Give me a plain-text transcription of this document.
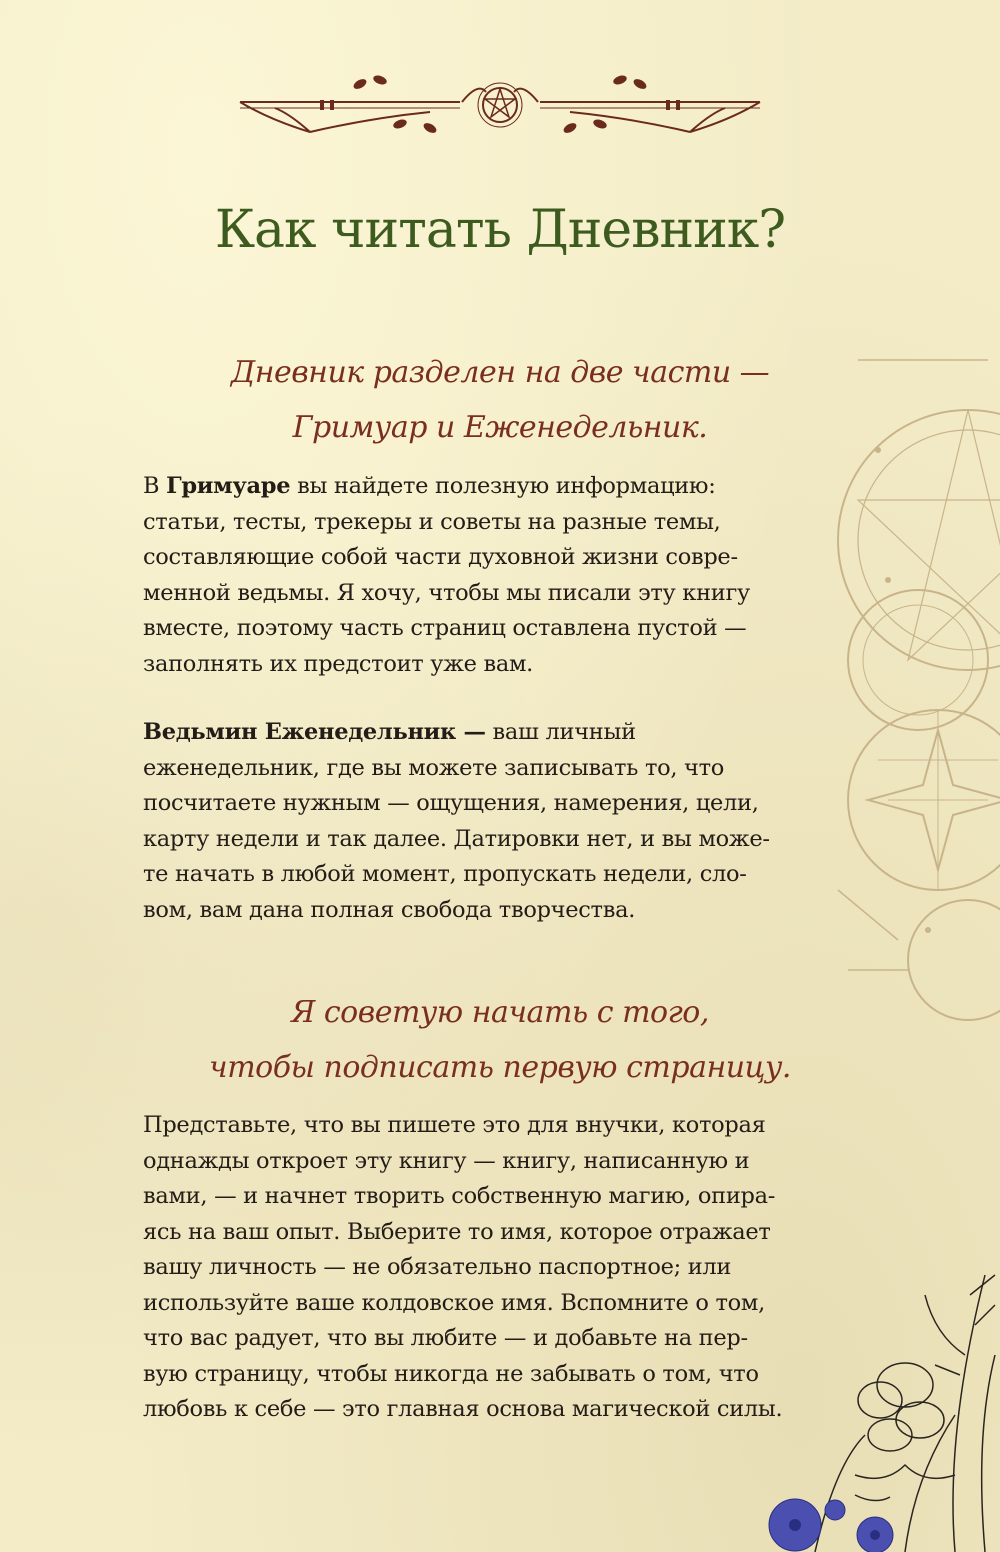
Как читать Дневник?
Дневник разделен на две части —
Гримуар и Еженедельник.
В Гримуаре вы найдете полезную информацию:
статьи, тесты, трекеры и советы на разные темы,
составляющие собой части духовной жизни совре-
менной ведьмы. Я хочу, чтобы мы писали эту книгу
вместе, поэтому часть страниц оставлена пустой —
заполнять их предстоит уже вам.
Ведьмин Еженедельник — ваш личный
еженедельник, где вы можете записывать то, что
посчитаете нужным — ощущения, намерения, цели,
карту недели и так далее. Датировки нет, и вы може-
те начать в любой момент, пропускать недели, сло-
вом, вам дана полная свобода творчества.
Я советую начать с того,
чтобы подписать первую страницу.
Представьте, что вы пишете это для внучки, которая
однажды откроет эту книгу — книгу, написанную и
вами, — и начнет творить собственную магию, опира-
ясь на ваш опыт. Выберите то имя, которое отражает
вашу личность — не обязательно паспортное; или
используйте ваше колдовское имя. Вспомните о том,
что вас радует, что вы любите — и добавьте на пер-
вую страницу, чтобы никогда не забывать о том, что
любовь к себе — это главная основа магической силы.
